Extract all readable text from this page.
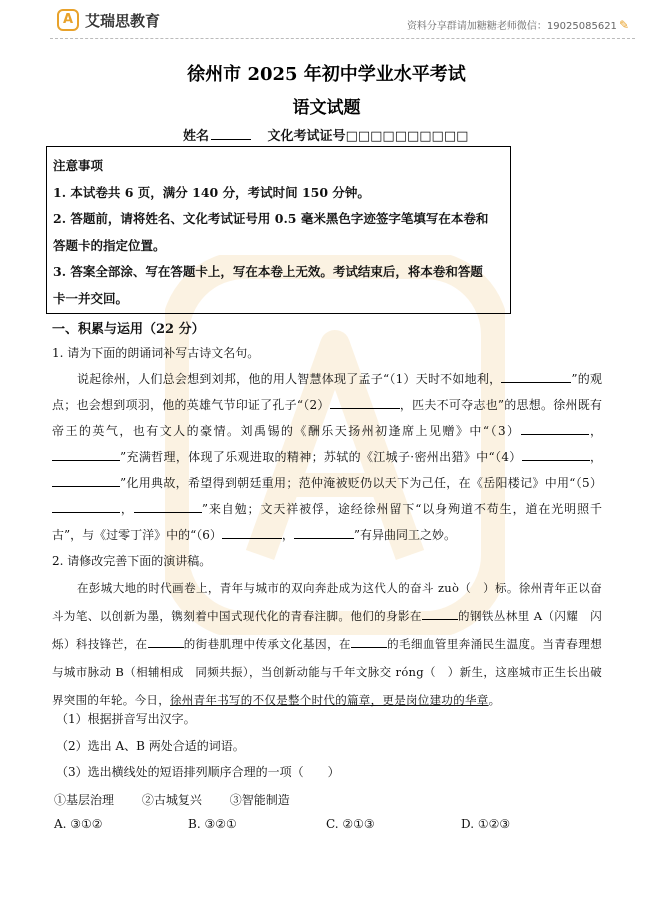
A 艾瑞思教育	资料分享群请加糖糖老师微信：19025085621 ✎
徐州市 2025 年初中学业水平考试
语文试题
姓名	文化考试证号□□□□□□□□□□

注意事项

1. 本试卷共 6 页，满分 140 分，考试时间 150 分钟。

2. 答题前，请将姓名、文化考试证号用 0.5 毫米黑色字迹签字笔填写在本卷和

答题卡的指定位置。

3. 答案全部涂、写在答题卡上，写在本卷上无效。考试结束后，将本卷和答题

卡一并交回。

一、积累与运用（22 分）
1. 请为下面的朗诵词补写古诗文名句。
说起徐州，人们总会想到刘邦，他的用人智慧体现了孟子“（1）天时不如地利，	”的观点；也会想到项羽，他的英雄气节印证了孔子“（2）	，匹夫不可夺志也”的思想。徐州既有帝王的英气，也有文人的豪情。刘禹锡的《酬乐天扬州初逢席上见赠》中“（3）	，”充满哲理，体现了乐观进取的精神；苏轼的《江城子·密州出猎》中“（4）	，”化用典故，希望得到朝廷重用；范仲淹被贬仍以天下为己任，在《岳阳楼记》中用“（5），	”来自勉；文天祥被俘，途经徐州留下“以身殉道不苟生，道在光明照千古”，与《过零丁洋》中的“（6）	，	”有异曲同工之妙。
2. 请修改完善下面的演讲稿。
在彭城大地的时代画卷上，青年与城市的双向奔赴成为这代人的奋斗 zuò（　）标。徐州青年正以奋斗为笔、以创新为墨，镌刻着中国式现代化的青春注脚。他们的身影在	的钢铁丛林里 A（闪耀　闪烁）科技锋芒，在	的街巷肌理中传承文化基因，在	的毛细血管里奔涌民生温度。当青春理想与城市脉动 B（相辅相成　同频共振），当创新动能与千年文脉交 róng（　）新生，这座城市正生长出破界突围的年轮。今日，徐州青年书写的不仅是整个时代的篇章，更是岗位建功的华章。
（1）根据拼音写出汉字。
（2）选出 A、B 两处合适的词语。
（3）选出横线处的短语排列顺序合理的一项（　　）
①基层治理 ②古城复兴 ③智能制造
A. ③①②	B. ③②①	C. ②①③	D. ①②③
